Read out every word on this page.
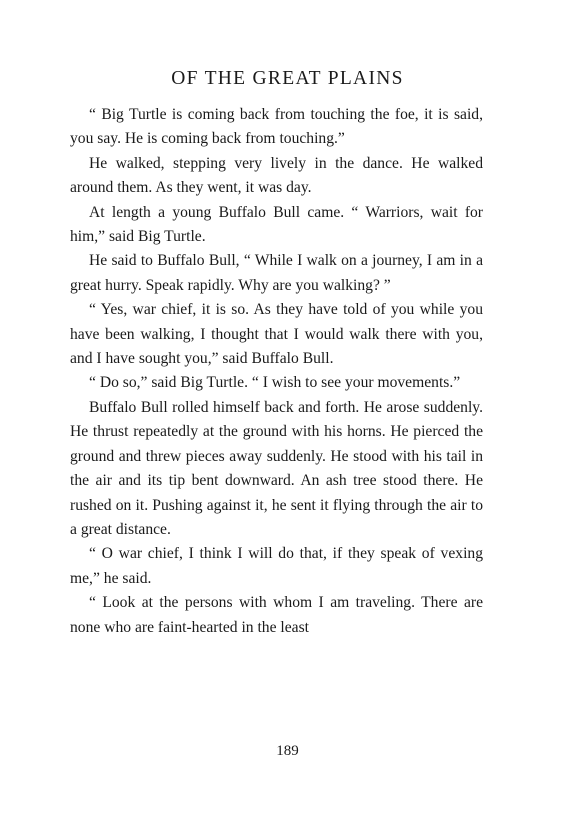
OF THE GREAT PLAINS

“ Big Turtle is coming back from touching the foe, it is said, you say. He is coming back from touching.”

He walked, stepping very lively in the dance. He walked around them. As they went, it was day.

At length a young Buffalo Bull came. “ Warriors, wait for him,” said Big Turtle.

He said to Buffalo Bull, “ While I walk on a journey, I am in a great hurry. Speak rapidly. Why are you walking? ”

“ Yes, war chief, it is so. As they have told of you while you have been walking, I thought that I would walk there with you, and I have sought you,” said Buffalo Bull.

“ Do so,” said Big Turtle. “ I wish to see your movements.”

Buffalo Bull rolled himself back and forth. He arose suddenly. He thrust repeatedly at the ground with his horns. He pierced the ground and threw pieces away suddenly. He stood with his tail in the air and its tip bent downward. An ash tree stood there. He rushed on it. Pushing against it, he sent it flying through the air to a great distance.

“ O war chief, I think I will do that, if they speak of vexing me,” he said.

“ Look at the persons with whom I am traveling. There are none who are faint-hearted in the least

189
